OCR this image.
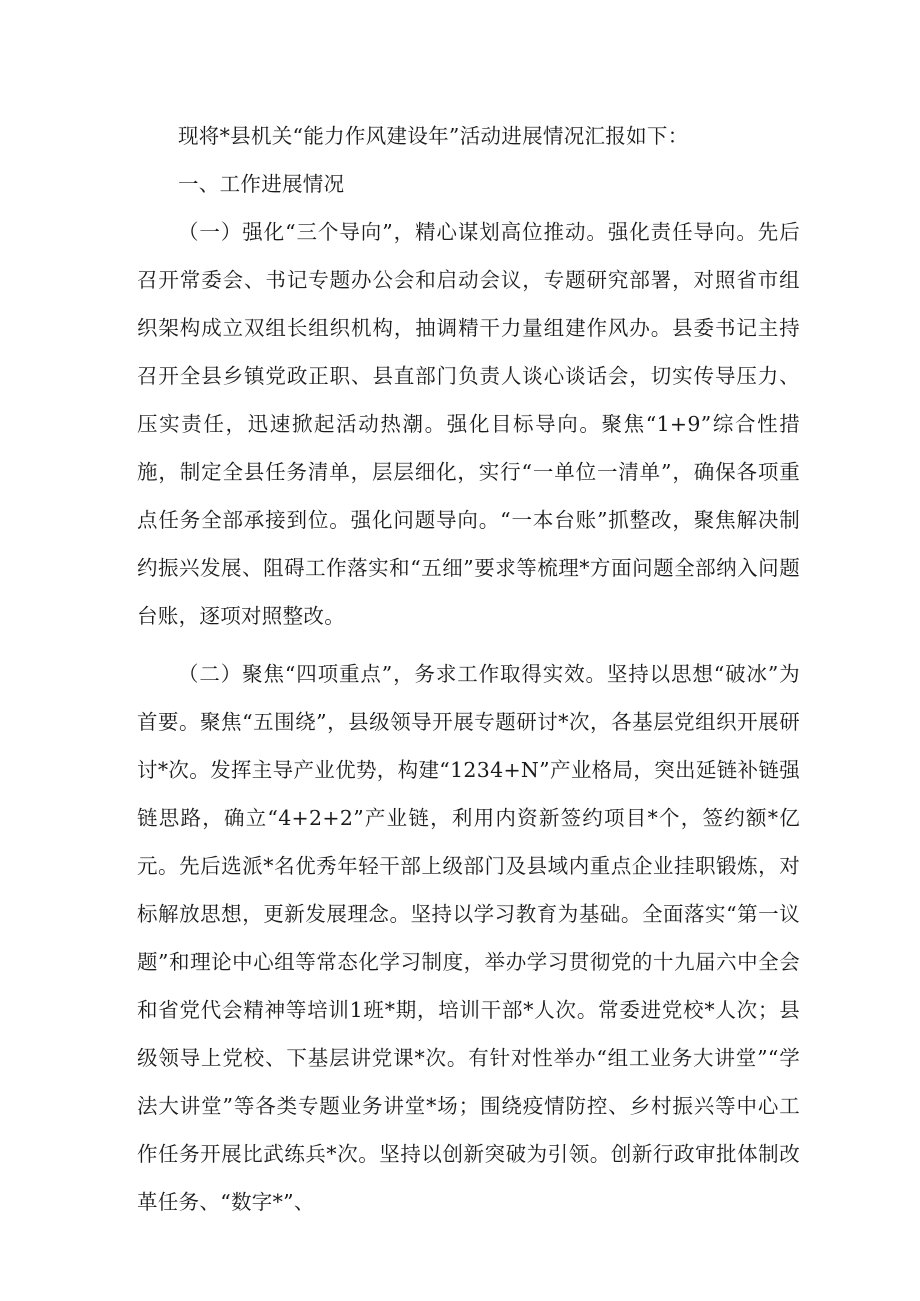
现将*县机关“能力作风建设年”活动进展情况汇报如下：

一、工作进展情况

（一）强化“三个导向”，精心谋划高位推动。强化责任导向。先后召开常委会、书记专题办公会和启动会议，专题研究部署，对照省市组织架构成立双组长组织机构，抽调精干力量组建作风办。县委书记主持召开全县乡镇党政正职、县直部门负责人谈心谈话会，切实传导压力、压实责任，迅速掀起活动热潮。强化目标导向。聚焦“1+9”综合性措施，制定全县任务清单，层层细化，实行“一单位一清单”，确保各项重点任务全部承接到位。强化问题导向。“一本台账”抓整改，聚焦解决制约振兴发展、阻碍工作落实和“五细”要求等梳理*方面问题全部纳入问题台账，逐项对照整改。

（二）聚焦“四项重点”，务求工作取得实效。坚持以思想“破冰”为首要。聚焦“五围绕”，县级领导开展专题研讨*次，各基层党组织开展研讨*次。发挥主导产业优势，构建“1234+N”产业格局，突出延链补链强链思路，确立“4+2+2”产业链，利用内资新签约项目*个，签约额*亿元。先后选派*名优秀年轻干部上级部门及县域内重点企业挂职锻炼，对标解放思想，更新发展理念。坚持以学习教育为基础。全面落实“第一议题”和理论中心组等常态化学习制度，举办学习贯彻党的十九届六中全会和省党代会精神等培训1班*期，培训干部*人次。常委进党校*人次；县级领导上党校、下基层讲党课*次。有针对性举办“组工业务大讲堂”“学法大讲堂”等各类专题业务讲堂*场；围绕疫情防控、乡村振兴等中心工作任务开展比武练兵*次。坚持以创新突破为引领。创新行政审批体制改革任务、“数字*”、
